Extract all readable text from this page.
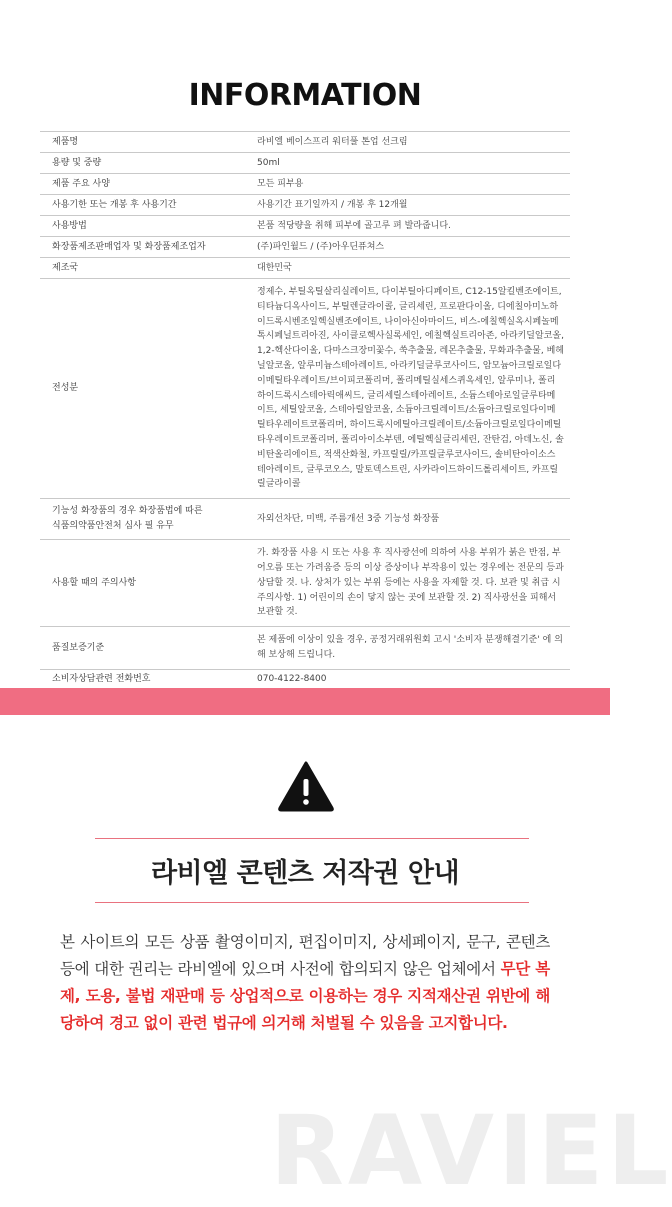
INFORMATION
제품명	라비엘 베이스프리 워터풀 톤업 선크림

용량 및 중량	50ml

제품 주요 사양	모든 피부용

사용기한 또는 개봉 후 사용기간	사용기간 표기일까지 / 개봉 후 12개월

사용방법	본품 적당량을 취해 피부에 골고루 펴 발라줍니다.

화장품제조판매업자 및 화장품제조업자	(주)파인월드 / (주)아우딘퓨쳐스

제조국	대한민국

전성분	정제수, 부틸옥틸살리실레이트, 다이부틸아디페이트, C12-15알킬벤조에이트, 티타늄디옥사이드, 부틸렌글라이콜, 글리세린, 프로판다이올, 디에칠아미노하이드록시벤조일헥실벤조에이트, 나이아신아마이드, 비스-에칠헥실옥시페놀메톡시페닐트리아진, 사이클로헥사실록세인, 에칠헥실트리아존, 아라키딜알코올, 1,2-헥산다이올, 다마스크장미꽃수, 쑥추출물, 레몬추출물, 무화과추출물, 베헤닐알코올, 알루미늄스테아레이트, 아라키딜글루코사이드, 암모늄아크릴로일다이메틸타우레이트/브이피코폴리머, 폴리메틸실세스퀴옥세인, 알루미나, 폴리하이드록시스테아릭애씨드, 글리세릴스테아레이트, 소듐스테아로일글루타메이트, 세틸알코올, 스테아릴알코올, 소듐아크릴레이트/소듐아크릴로일다이메틸타우레이트코폴리머, 하이드록시에틸아크릴레이트/소듐아크릴로일다이메틸타우레이트코폴리머, 폴리아이소부텐, 에틸헥실글리세린, 잔탄검, 아데노신, 솔비탄올리에이트, 적색산화철, 카프릴릴/카프릴글루코사이드, 솔비탄아이소스테아레이트, 글루코오스, 말토덱스트린, 사카라이드하이드롤리세이트, 카프릴릴글라이콜

기능성 화장품의 경우 화장품법에 따른
식품의약품안전처 심사 필 유무	자외선차단, 미백, 주름개선 3중 기능성 화장품

사용할 때의 주의사항	가. 화장품 사용 시 또는 사용 후 직사광선에 의하여 사용 부위가 붉은 반점, 부어오름 또는 가려움증 등의 이상 증상이나 부작용이 있는 경우에는 전문의 등과 상담할 것. 나. 상처가 있는 부위 등에는 사용을 자제할 것. 다. 보관 및 취급 시 주의사항. 1) 어린이의 손이 닿지 않는 곳에 보관할 것. 2) 직사광선을 피해서 보관할 것.

품질보증기준	본 제품에 이상이 있을 경우, 공정거래위원회 고시 '소비자 분쟁해결기준' 에 의해 보상해 드립니다.

소비자상담관련 전화번호	070-4122-8400
라비엘 콘텐츠 저작권 안내
본 사이트의 모든 상품 촬영이미지, 편집이미지, 상세페이지, 문구, 콘텐츠 등에 대한 권리는 라비엘에 있으며 사전에 합의되지 않은 업체에서 무단 복제, 도용, 불법 재판매 등 상업적으로 이용하는 경우 지적재산권 위반에 해당하여 경고 없이 관련 법규에 의거해 처벌될 수 있음을 고지합니다.
RAVIEL
